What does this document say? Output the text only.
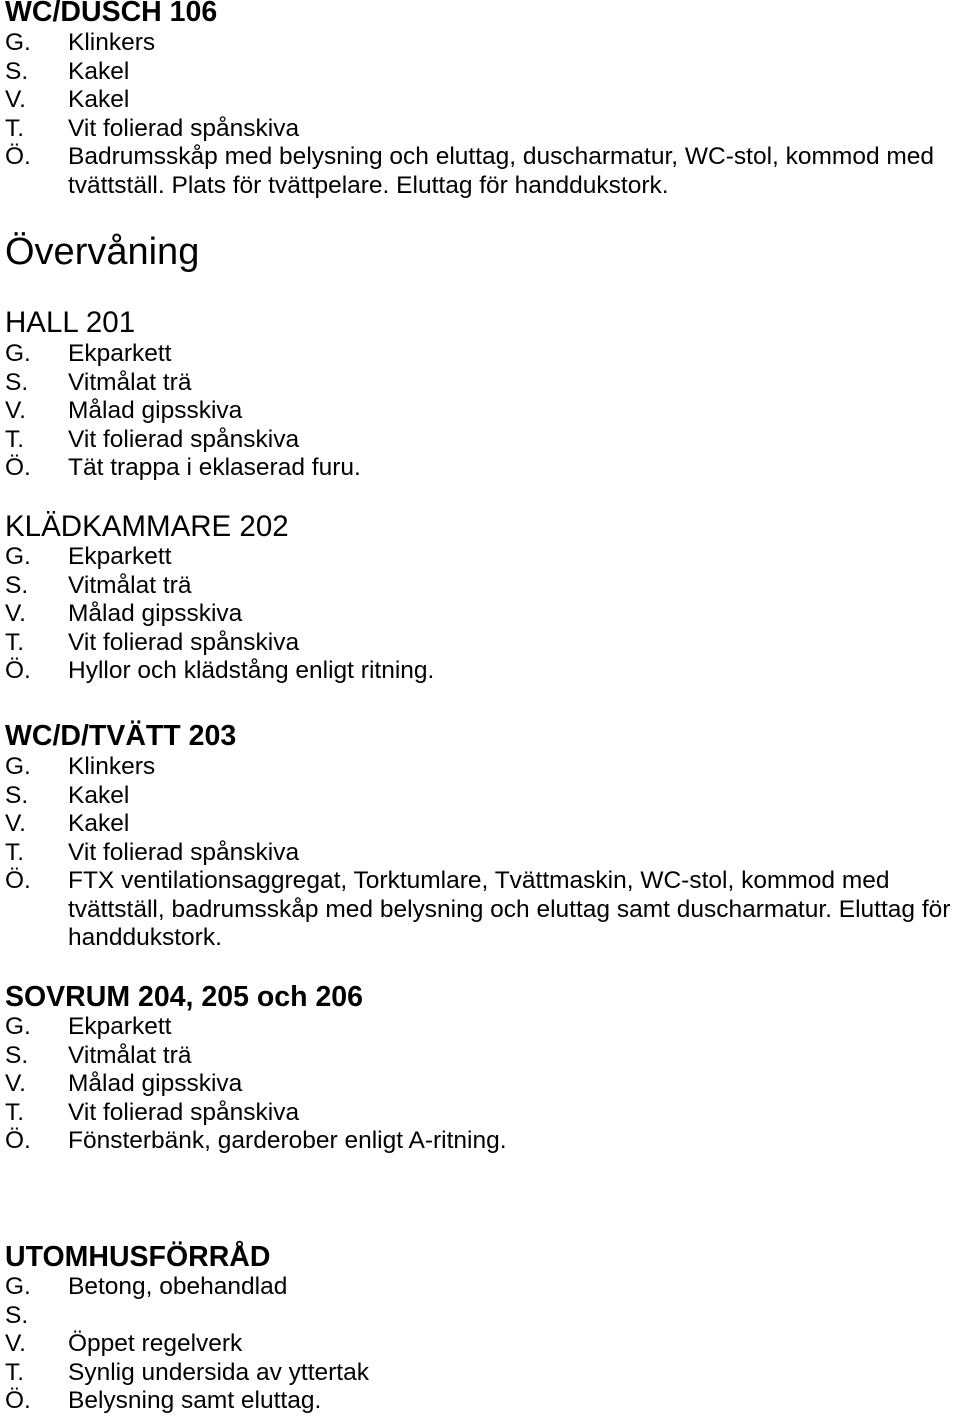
WC/DUSCH 106
G. Klinkers
S. Kakel
V. Kakel
T. Vit folierad spånskiva
Ö. Badrumsskåp med belysning och eluttag, duscharmatur, WC-stol, kommod med
tvättställ. Plats för tvättpelare. Eluttag för handdukstork.
Övervåning
HALL 201
G. Ekparkett
S. Vitmålat trä
V. Målad gipsskiva
T. Vit folierad spånskiva
Ö. Tät trappa i eklaserad furu.
KLÄDKAMMARE 202
G. Ekparkett
S. Vitmålat trä
V. Målad gipsskiva
T. Vit folierad spånskiva
Ö. Hyllor och klädstång enligt ritning.
WC/D/TVÄTT 203
G. Klinkers
S. Kakel
V. Kakel
T. Vit folierad spånskiva
Ö. FTX ventilationsaggregat, Torktumlare, Tvättmaskin, WC-stol, kommod med
tvättställ, badrumsskåp med belysning och eluttag samt duscharmatur. Eluttag för
handdukstork.
SOVRUM 204, 205 och 206
G. Ekparkett
S. Vitmålat trä
V. Målad gipsskiva
T. Vit folierad spånskiva
Ö. Fönsterbänk, garderober enligt A-ritning.
UTOMHUSFÖRRÅD
G. Betong, obehandlad
S.
V. Öppet regelverk
T. Synlig undersida av yttertak
Ö. Belysning samt eluttag.
